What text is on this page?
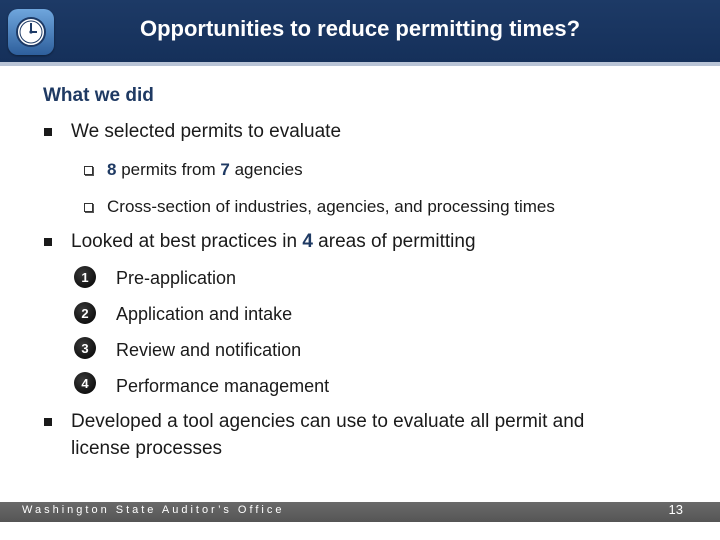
Opportunities to reduce permitting times?
What we did
We selected permits to evaluate
8 permits from 7 agencies
Cross-section of industries, agencies, and processing times
Looked at best practices in 4 areas of permitting
1	Pre-application
2	Application and intake
3	Review and notification
4	Performance management
Developed a tool agencies can use to evaluate all permit and
license processes
Washington State Auditor’s Office	13
